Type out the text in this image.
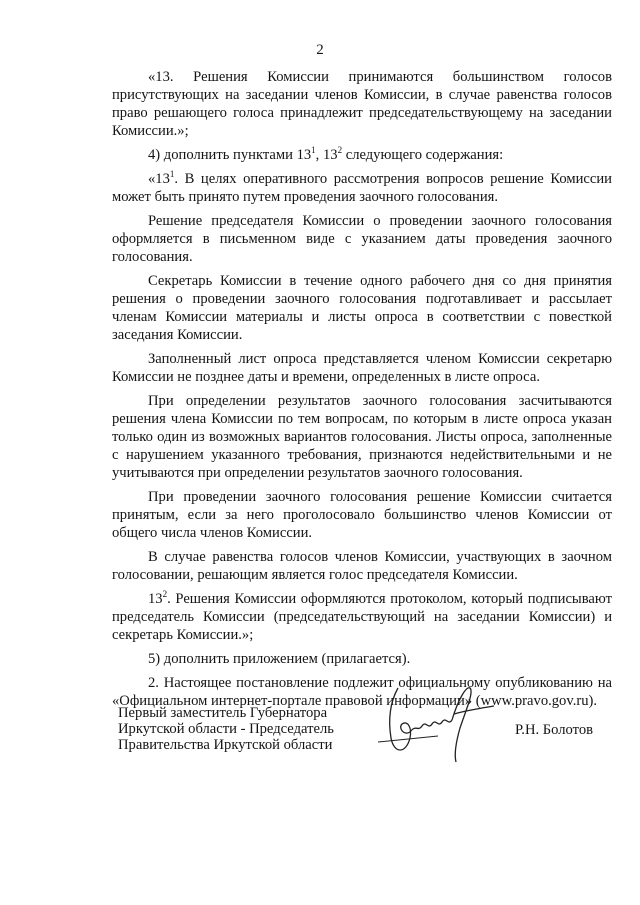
2

«13. Решения Комиссии принимаются большинством голосов присутствующих на заседании членов Комиссии, в случае равенства голосов право решающего голоса принадлежит председательствующему на заседании Комиссии.»;

4) дополнить пунктами $13^1$, $13^2$ следующего содержания:

«$13^1$. В целях оперативного рассмотрения вопросов решение Комиссии может быть принято путем проведения заочного голосования.

Решение председателя Комиссии о проведении заочного голосования оформляется в письменном виде с указанием даты проведения заочного голосования.

Секретарь Комиссии в течение одного рабочего дня со дня принятия решения о проведении заочного голосования подготавливает и рассылает членам Комиссии материалы и листы опроса в соответствии с повесткой заседания Комиссии.

Заполненный лист опроса представляется членом Комиссии секретарю Комиссии не позднее даты и времени, определенных в листе опроса.

При определении результатов заочного голосования засчитываются решения члена Комиссии по тем вопросам, по которым в листе опроса указан только один из возможных вариантов голосования. Листы опроса, заполненные с нарушением указанного требования, признаются недействительными и не учитываются при определении результатов заочного голосования.

При проведении заочного голосования решение Комиссии считается принятым, если за него проголосовало большинство членов Комиссии от общего числа членов Комиссии.

В случае равенства голосов членов Комиссии, участвующих в заочном голосовании, решающим является голос председателя Комиссии.

$13^2$. Решения Комиссии оформляются протоколом, который подписывают председатель Комиссии (председательствующий на заседании Комиссии) и секретарь Комиссии.»;

5) дополнить приложением (прилагается).

2. Настоящее постановление подлежит официальному опубликованию на «Официальном интернет-портале правовой информации» (www.pravo.gov.ru).

Первый заместитель Губернатора
Иркутской области - Председатель
Правительства Иркутской области
Р.Н. Болотов
